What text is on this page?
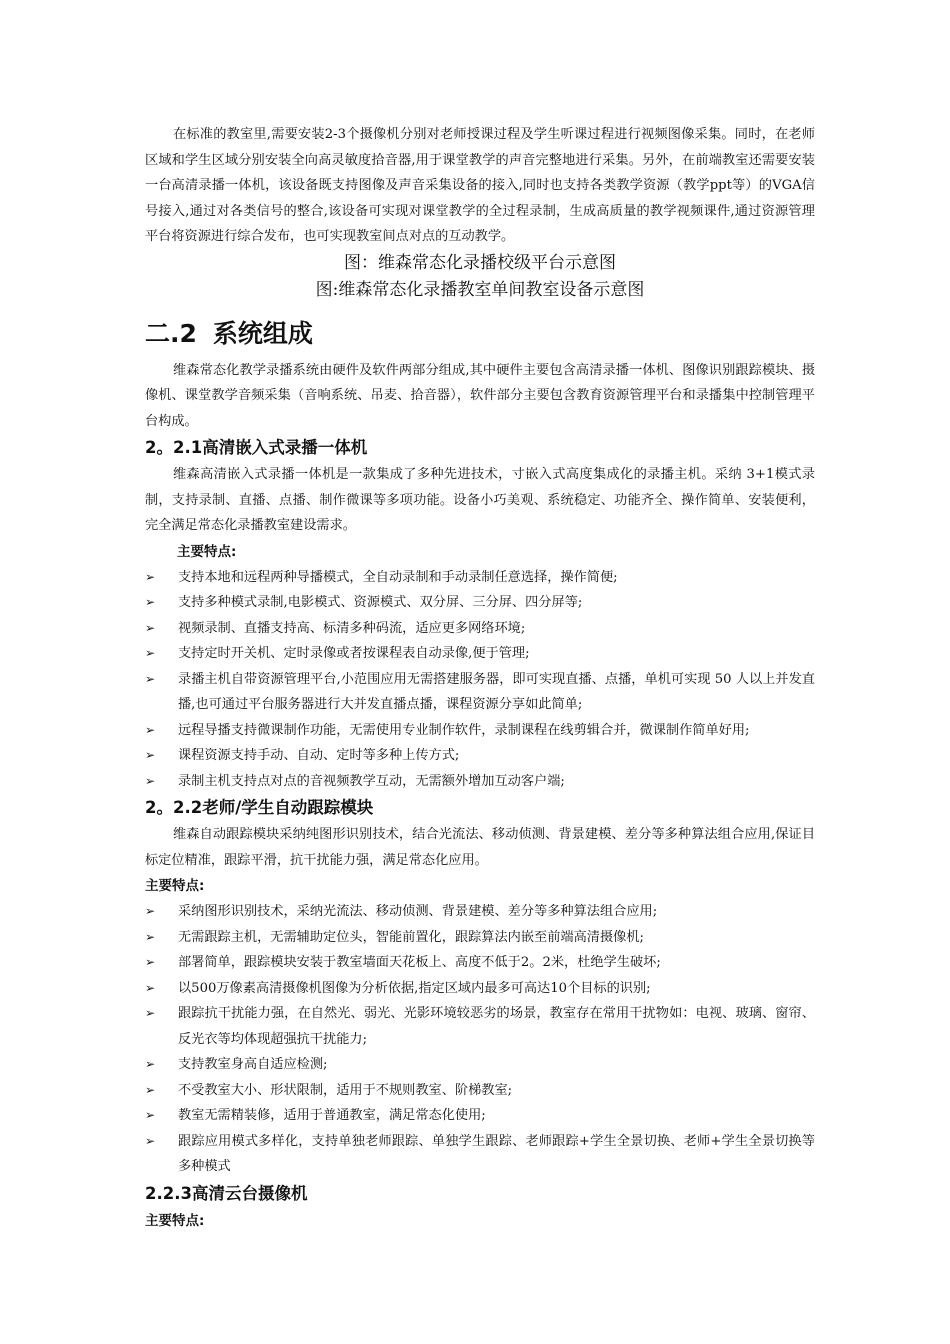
在标准的教室里,需要安装2-3个摄像机分别对老师授课过程及学生听课过程进行视频图像采集。同时，在老师区域和学生区域分别安装全向高灵敏度拾音器,用于课堂教学的声音完整地进行采集。另外，在前端教室还需要安装一台高清录播一体机，该设备既支持图像及声音采集设备的接入,同时也支持各类教学资源（教学ppt等）的VGA信号接入,通过对各类信号的整合,该设备可实现对课堂教学的全过程录制，生成高质量的教学视频课件,通过资源管理平台将资源进行综合发布，也可实现教室间点对点的互动教学。

图：维森常态化录播校级平台示意图

图:维森常态化录播教室单间教室设备示意图

二.2 系统组成

维森常态化教学录播系统由硬件及软件两部分组成,其中硬件主要包含高清录播一体机、图像识别跟踪模块、摄像机、课堂教学音频采集（音响系统、吊麦、拾音器），软件部分主要包含教育资源管理平台和录播集中控制管理平台构成。

2。2.1高清嵌入式录播一体机

维森高清嵌入式录播一体机是一款集成了多种先进技术，寸嵌入式高度集成化的录播主机。采纳 3+1模式录制，支持录制、直播、点播、制作微课等多项功能。设备小巧美观、系统稳定、功能齐全、操作简单、安装便利，完全满足常态化录播教室建设需求。

主要特点:

➢ 支持本地和远程两种导播模式，全自动录制和手动录制任意选择，操作简便;
➢ 支持多种模式录制,电影模式、资源模式、双分屏、三分屏、四分屏等;
➢ 视频录制、直播支持高、标清多种码流，适应更多网络环境;
➢ 支持定时开关机、定时录像或者按课程表自动录像,便于管理;
➢ 录播主机自带资源管理平台,小范围应用无需搭建服务器，即可实现直播、点播，单机可实现 50 人以上并发直播,也可通过平台服务器进行大并发直播点播，课程资源分享如此简单;
➢ 远程导播支持微课制作功能，无需使用专业制作软件，录制课程在线剪辑合并，微课制作简单好用;
➢ 课程资源支持手动、自动、定时等多种上传方式;
➢ 录制主机支持点对点的音视频教学互动，无需额外增加互动客户端;
2。2.2老师/学生自动跟踪模块

维森自动跟踪模块采纳纯图形识别技术，结合光流法、移动侦测、背景建模、差分等多种算法组合应用,保证目标定位精准，跟踪平滑，抗干扰能力强，满足常态化应用。

主要特点:

➢ 采纳图形识别技术，采纳光流法、移动侦测、背景建模、差分等多种算法组合应用;
➢ 无需跟踪主机，无需辅助定位头，智能前置化，跟踪算法内嵌至前端高清摄像机;
➢ 部署简单，跟踪模块安装于教室墙面天花板上、高度不低于2。2米，杜绝学生破坏;
➢ 以500万像素高清摄像机图像为分析依据,指定区域内最多可高达10个目标的识别;
➢ 跟踪抗干扰能力强，在自然光、弱光、光影环境较恶劣的场景，教室存在常用干扰物如：电视、玻璃、窗帘、反光衣等均体现超强抗干扰能力;
➢ 支持教室身高自适应检测;
➢ 不受教室大小、形状限制，适用于不规则教室、阶梯教室;
➢ 教室无需精装修，适用于普通教室，满足常态化使用;
➢ 跟踪应用模式多样化，支持单独老师跟踪、单独学生跟踪、老师跟踪+学生全景切换、老师+学生全景切换等多种模式
2.2.3高清云台摄像机

主要特点:
